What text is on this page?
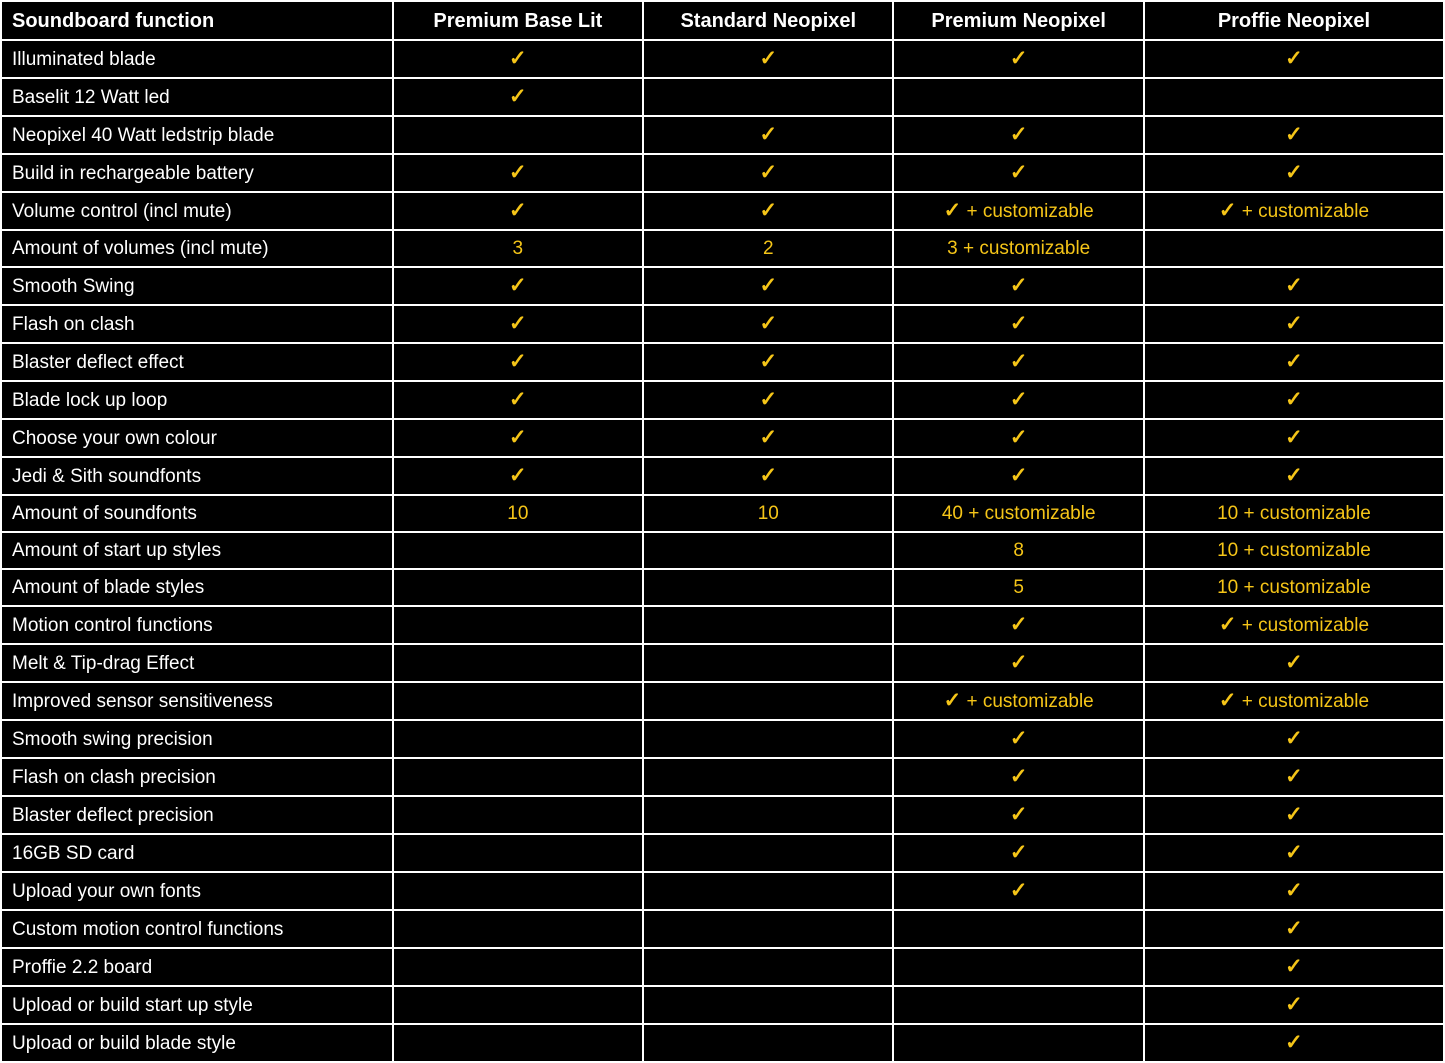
Soundboard function	Premium Base Lit	Standard Neopixel	Premium Neopixel	Proffie Neopixel
Illuminated blade	✓	✓	✓	✓
Baselit 12 Watt led	✓			
Neopixel 40 Watt ledstrip blade		✓	✓	✓
Build in rechargeable battery	✓	✓	✓	✓
Volume control (incl mute)	✓	✓	✓ + customizable	✓ + customizable
Amount of volumes (incl mute)	3	2	3 + customizable	
Smooth Swing	✓	✓	✓	✓
Flash on clash	✓	✓	✓	✓
Blaster deflect effect	✓	✓	✓	✓
Blade lock up loop	✓	✓	✓	✓
Choose your own colour	✓	✓	✓	✓
Jedi & Sith soundfonts	✓	✓	✓	✓
Amount of soundfonts	10	10	40 + customizable	10 + customizable
Amount of start up styles			8	10 + customizable
Amount of blade styles			5	10 + customizable
Motion control functions			✓	✓ + customizable
Melt & Tip-drag Effect			✓	✓
Improved sensor sensitiveness			✓ + customizable	✓ + customizable
Smooth swing precision			✓	✓
Flash on clash precision			✓	✓
Blaster deflect precision			✓	✓
16GB SD card			✓	✓
Upload your own fonts			✓	✓
Custom motion control functions				✓
Proffie 2.2 board				✓
Upload or build start up style				✓
Upload or build blade style				✓
